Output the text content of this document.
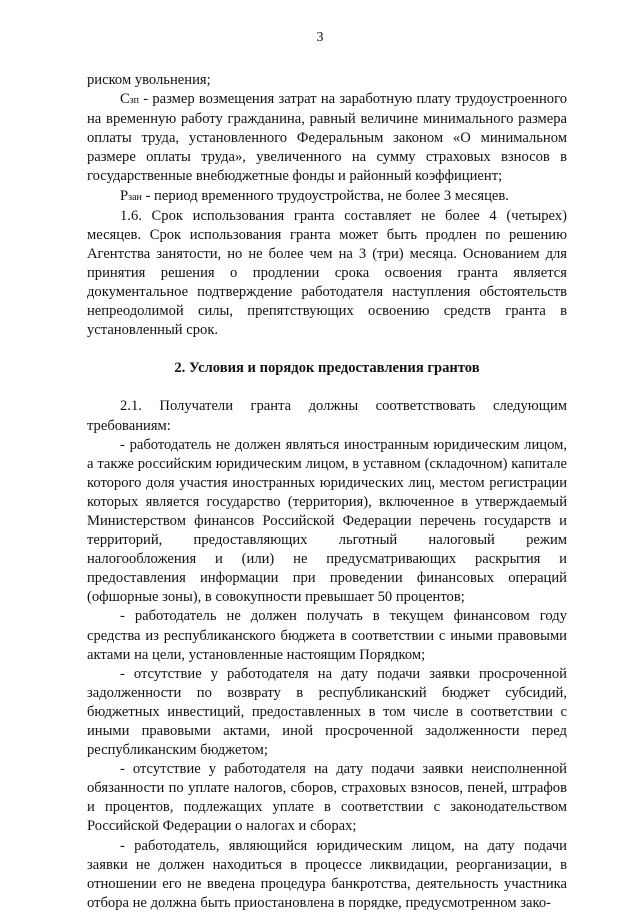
3

риском увольнения;

Сзп - размер возмещения затрат на заработную плату трудоустроенного на временную работу гражданина, равный величине минимального размера оплаты труда, установленного Федеральным законом «О минимальном размере оплаты труда», увеличенного на сумму страховых взносов в государственные внебюджетные фонды и районный коэффициент;

Рзан - период временного трудоустройства, не более 3 месяцев.

1.6. Срок использования гранта составляет не более 4 (четырех) месяцев. Срок использования гранта может быть продлен по решению Агентства занятости, но не более чем на 3 (три) месяца. Основанием для принятия решения о продлении срока освоения гранта является документальное подтверждение работодателя наступления обстоятельств непреодолимой силы, препятствующих освоению средств гранта в установленный срок.

2. Условия и порядок предоставления грантов

2.1. Получатели гранта должны соответствовать следующим требованиям:

- работодатель не должен являться иностранным юридическим лицом, а также российским юридическим лицом, в уставном (складочном) капитале которого доля участия иностранных юридических лиц, местом регистрации которых является государство (территория), включенное в утверждаемый Министерством финансов Российской Федерации перечень государств и территорий, предоставляющих льготный налоговый режим налогообложения и (или) не предусматривающих раскрытия и предоставления информации при проведении финансовых операций (офшорные зоны), в совокупности превышает 50 процентов;

- работодатель не должен получать в текущем финансовом году средства из республиканского бюджета в соответствии с иными правовыми актами на цели, установленные настоящим Порядком;

- отсутствие у работодателя на дату подачи заявки просроченной задолженности по возврату в республиканский бюджет субсидий, бюджетных инвестиций, предоставленных в том числе в соответствии с иными правовыми актами, иной просроченной задолженности перед республиканским бюджетом;

- отсутствие у работодателя на дату подачи заявки неисполненной обязанности по уплате налогов, сборов, страховых взносов, пеней, штрафов и процентов, подлежащих уплате в соответствии с законодательством Российской Федерации о налогах и сборах;

- работодатель, являющийся юридическим лицом, на дату подачи заявки не должен находиться в процессе ликвидации, реорганизации, в отношении его не введена процедура банкротства, деятельность участника отбора не должна быть приостановлена в порядке, предусмотренном зако-
